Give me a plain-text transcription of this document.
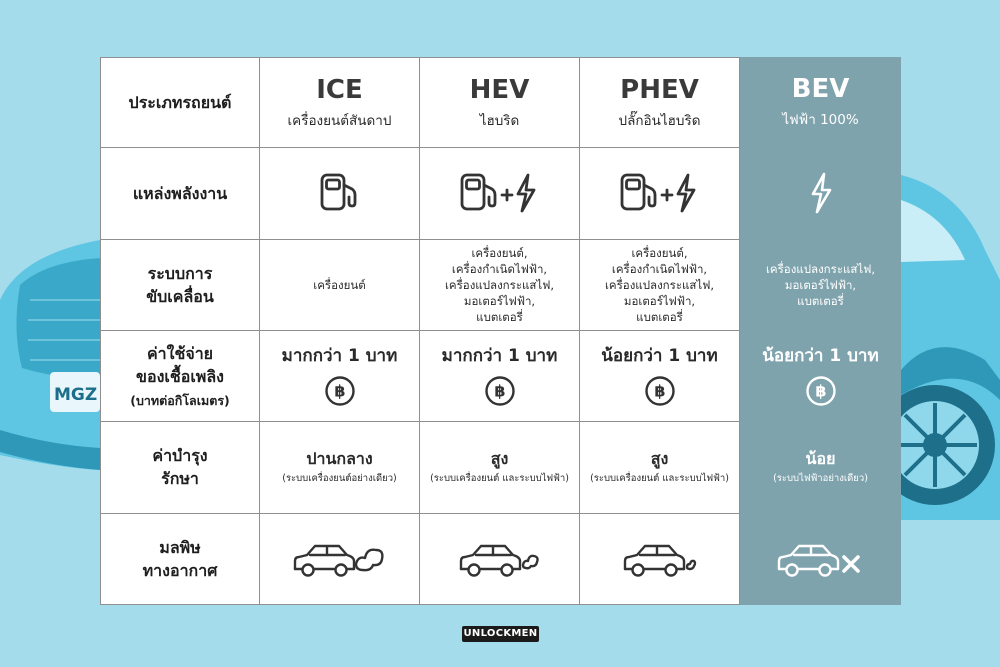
MGZ
ประเภทรถยนต์	ICE
เครื่องยนต์สันดาป
HEV
ไฮบริด
PHEV
ปลั๊กอินไฮบริด
BEV
ไฟฟ้า 100%
แหล่งพลังงาน
ระบบการ
ขับเคลื่อน
เครื่องยนต์
เครื่องยนต์,
เครื่องกำเนิดไฟฟ้า,
เครื่องแปลงกระแสไฟ,
มอเตอร์ไฟฟ้า,
แบตเตอรี่
เครื่องยนต์,
เครื่องกำเนิดไฟฟ้า,
เครื่องแปลงกระแสไฟ,
มอเตอร์ไฟฟ้า,
แบตเตอรี่
เครื่องแปลงกระแสไฟ,
มอเตอร์ไฟฟ้า,
แบตเตอรี่
ค่าใช้จ่าย
ของเชื้อเพลิง
(บาทต่อกิโลเมตร)
มากกว่า 1 บาท
฿
มากกว่า 1 บาท
฿
น้อยกว่า 1 บาท
฿
น้อยกว่า 1 บาท
฿
ค่าบำรุง
รักษา
ปานกลาง
(ระบบเครื่องยนต์อย่างเดียว)
สูง
(ระบบเครื่องยนต์ และระบบไฟฟ้า)
สูง
(ระบบเครื่องยนต์ และระบบไฟฟ้า)
น้อย
(ระบบไฟฟ้าอย่างเดียว)
มลพิษ
ทางอากาศ
UNLOCKMEN
